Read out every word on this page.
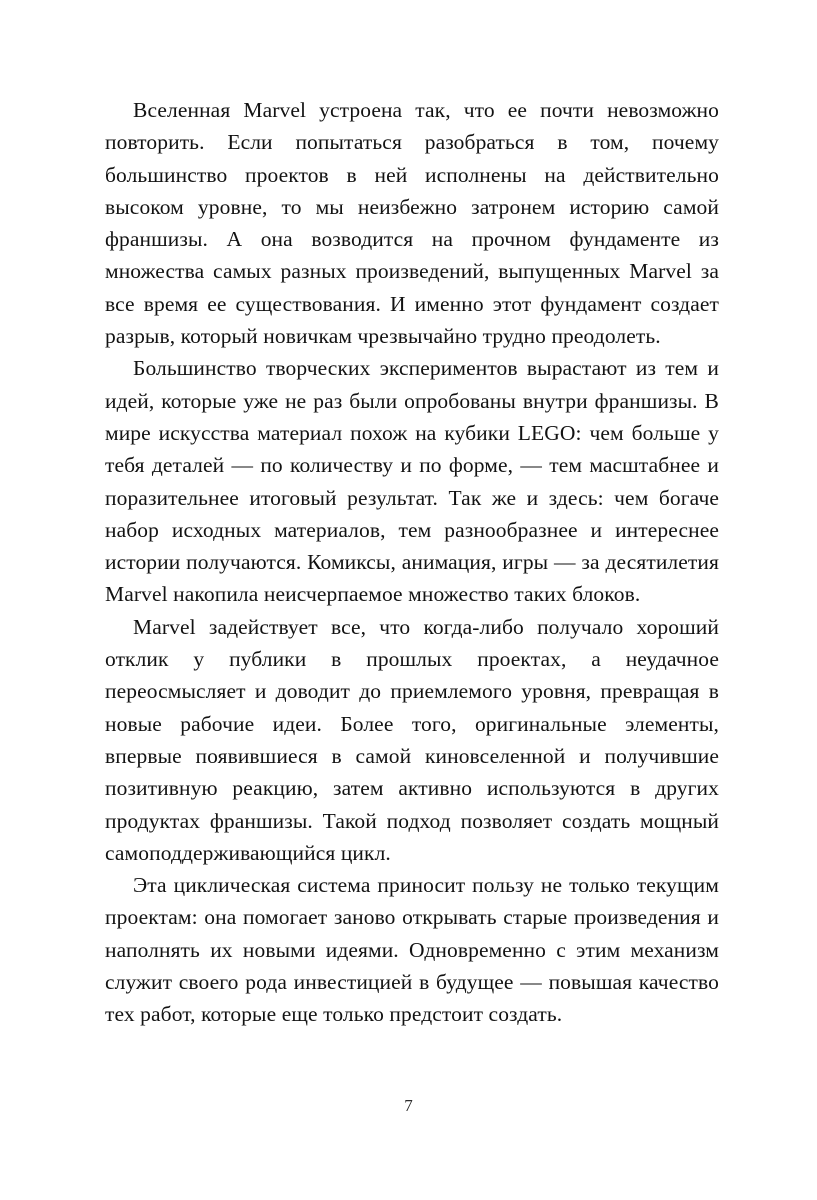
Вселенная Marvel устроена так, что ее почти невозможно повторить. Если попытаться разобраться в том, почему большинство проектов в ней исполнены на действительно высоком уровне, то мы неизбежно затронем историю самой франшизы. А она возводится на прочном фундаменте из множества самых разных произведений, выпущенных Marvel за все время ее существования. И именно этот фундамент создает разрыв, который новичкам чрезвычайно трудно преодолеть.

Большинство творческих экспериментов вырастают из тем и идей, которые уже не раз были опробованы внутри франшизы. В мире искусства материал похож на кубики LEGO: чем больше у тебя деталей — по количеству и по форме, — тем масштабнее и поразительнее итоговый результат. Так же и здесь: чем богаче набор исходных материалов, тем разнообразнее и интереснее истории получаются. Комиксы, анимация, игры — за десятилетия Marvel накопила неисчерпаемое множество таких блоков.

Marvel задействует все, что когда-либо получало хороший отклик у публики в прошлых проектах, а неудачное переосмысляет и доводит до приемлемого уровня, превращая в новые рабочие идеи. Более того, оригинальные элементы, впервые появившиеся в самой киновселенной и получившие позитивную реакцию, затем активно используются в других продуктах франшизы. Такой подход позволяет создать мощный самоподдерживающийся цикл.

Эта циклическая система приносит пользу не только текущим проектам: она помогает заново открывать старые произведения и наполнять их новыми идеями. Одновременно с этим механизм служит своего рода инвестицией в будущее — повышая качество тех работ, которые еще только предстоит создать.

7
